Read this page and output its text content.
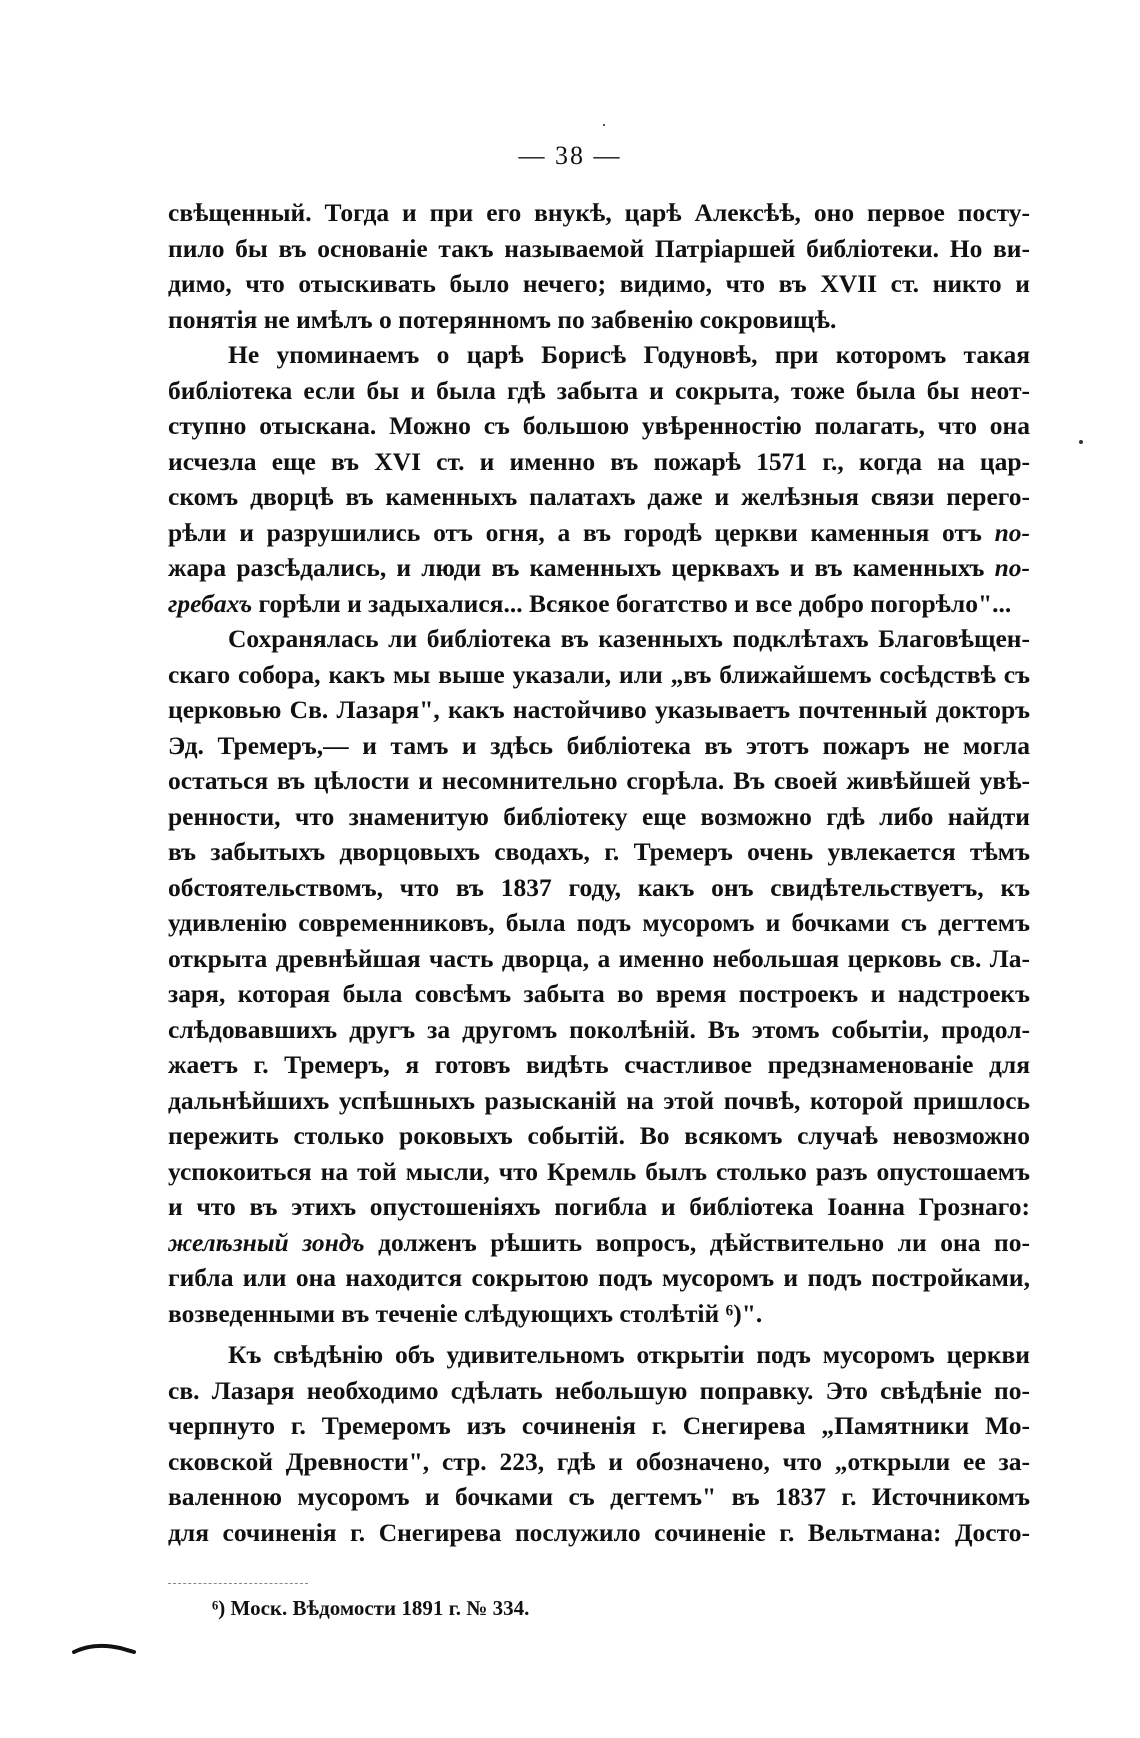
— 38 —
свѣщенный. Тогда и при его внукѣ, царѣ Алексѣѣ, оно первое посту-
пило бы въ основаніе такъ называемой Патріаршей библіотеки. Но ви-
димо, что отыскивать было нечего; видимо, что въ XVII ст. никто и
понятія не имѣлъ о потерянномъ по забвенію сокровищѣ.
Не упоминаемъ о царѣ Борисѣ Годуновѣ, при которомъ такая
библіотека если бы и была гдѣ забыта и сокрыта, тоже была бы неот-
ступно отыскана. Можно съ большою увѣренностію полагать, что она
исчезла еще въ XVI ст. и именно въ пожарѣ 1571 г., когда на цар-
скомъ дворцѣ въ каменныхъ палатахъ даже и желѣзныя связи перего-
рѣли и разрушились отъ огня, а въ городѣ церкви каменныя отъ по-
жара разсѣдались, и люди въ каменныхъ церквахъ и въ каменныхъ по-
гребахъ горѣли и задыхалися... Всякое богатство и все добро погорѣло"...
Сохранялась ли библіотека въ казенныхъ подклѣтахъ Благовѣщен-
скаго собора, какъ мы выше указали, или „въ ближайшемъ сосѣдствѣ съ
церковью Св. Лазаря", какъ настойчиво указываетъ почтенный докторъ
Эд. Тремеръ,— и тамъ и здѣсь библіотека въ этотъ пожаръ не могла
остаться въ цѣлости и несомнительно сгорѣла. Въ своей живѣйшей увѣ-
ренности, что знаменитую библіотеку еще возможно гдѣ либо найдти
въ забытыхъ дворцовыхъ сводахъ, г. Тремеръ очень увлекается тѣмъ
обстоятельствомъ, что въ 1837 году, какъ онъ свидѣтельствуетъ, къ
удивленію современниковъ, была подъ мусоромъ и бочками съ дегтемъ
открыта древнѣйшая часть дворца, а именно небольшая церковь св. Ла-
заря, которая была совсѣмъ забыта во время построекъ и надстроекъ
слѣдовавшихъ другъ за другомъ поколѣній. Въ этомъ событіи, продол-
жаетъ г. Тремеръ, я готовъ видѣть счастливое предзнаменованіе для
дальнѣйшихъ успѣшныхъ разысканій на этой почвѣ, которой пришлось
пережить столько роковыхъ событій. Во всякомъ случаѣ невозможно
успокоиться на той мысли, что Кремль былъ столько разъ опустошаемъ
и что въ этихъ опустошеніяхъ погибла и библіотека Іоанна Грознаго:
желѣзный зондъ долженъ рѣшить вопросъ, дѣйствительно ли она по-
гибла или она находится сокрытою подъ мусоромъ и подъ постройками,
возведенными въ теченіе слѣдующихъ столѣтій ⁶)".
Къ свѣдѣнію объ удивительномъ открытіи подъ мусоромъ церкви
св. Лазаря необходимо сдѣлать небольшую поправку. Это свѣдѣніе по-
черпнуто г. Тремеромъ изъ сочиненія г. Снегирева „Памятники Мо-
сковской Древности", стр. 223, гдѣ и обозначено, что „открыли ее за-
валенною мусоромъ и бочками съ дегтемъ" въ 1837 г. Источникомъ
для сочиненія г. Снегирева послужило сочиненіе г. Вельтмана: Досто-
⁶) Моск. Вѣдомости 1891 г. № 334.
